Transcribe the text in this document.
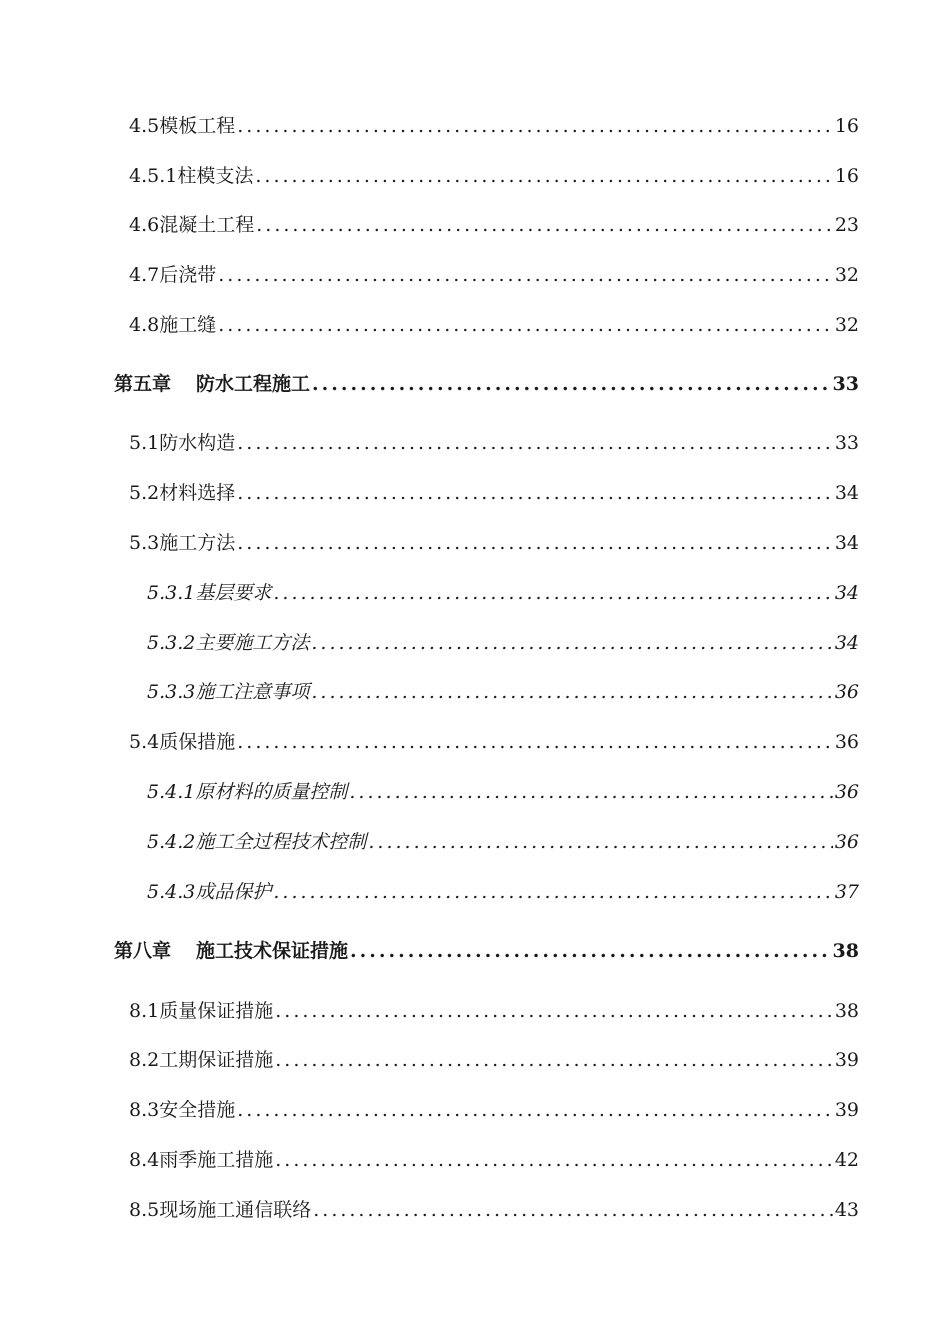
4.5 模板工程 .....	16
4.5.1 柱模支法 .....	16
4.6 混凝土工程 .....	23
4.7 后浇带 .....	32
4.8 施工缝 .....	32
第五章 防水工程施工 .....	33
5.1 防水构造 .....	33
5.2 材料选择 .....	34
5.3 施工方法 .....	34
5.3.1 基层要求 .....	34
5.3.2 主要施工方法 .....	34
5.3.3 施工注意事项 .....	36
5.4 质保措施 .....	36
5.4.1 原材料的质量控制 .....	36
5.4.2 施工全过程技术控制 .....	36
5.4.3 成品保护 .....	37
第八章 施工技术保证措施 .....	38
8.1 质量保证措施 .....	38
8.2 工期保证措施 .....	39
8.3 安全措施 .....	39
8.4 雨季施工措施 .....	42
8.5 现场施工通信联络 .....	43
